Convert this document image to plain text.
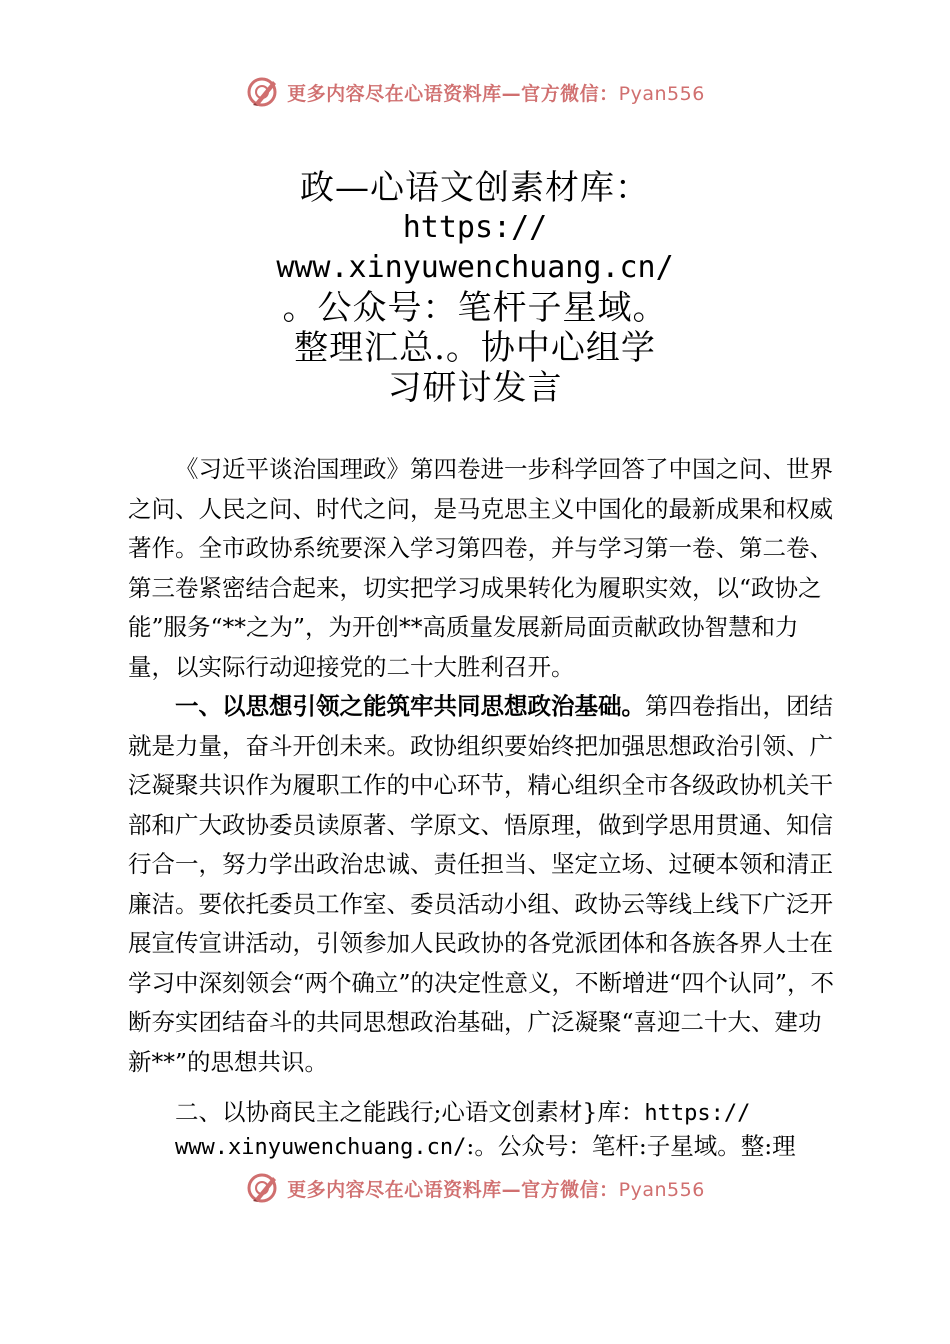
更多内容尽在心语资料库—官方微信：Pyan556
政—心语文创素材库：
https://
www.xinyuwenchuang.cn/
。公众号：笔杆子星域。
整理汇总.。协中心组学
习研讨发言

《习近平谈治国理政》第四卷进一步科学回答了中国之问、世界之问、人民之问、时代之问，是马克思主义中国化的最新成果和权威著作。全市政协系统要深入学习第四卷，并与学习第一卷、第二卷、第三卷紧密结合起来，切实把学习成果转化为履职实效，以“政协之能”服务“**之为”，为开创**高质量发展新局面贡献政协智慧和力量，以实际行动迎接党的二十大胜利召开。

一、以思想引领之能筑牢共同思想政治基础。第四卷指出，团结就是力量，奋斗开创未来。政协组织要始终把加强思想政治引领、广泛凝聚共识作为履职工作的中心环节，精心组织全市各级政协机关干部和广大政协委员读原著、学原文、悟原理，做到学思用贯通、知信行合一，努力学出政治忠诚、责任担当、坚定立场、过硬本领和清正廉洁。要依托委员工作室、委员活动小组、政协云等线上线下广泛开展宣传宣讲活动，引领参加人民政协的各党派团体和各族各界人士在学习中深刻领会“两个确立”的决定性意义，不断增进“四个认同”，不断夯实团结奋斗的共同思想政治基础，广泛凝聚“喜迎二十大、建功新**”的思想共识。

二、以协商民主之能践行;心语文创素材}库：https://
www.xinyuwenchuang.cn/:。公众号：笔杆:子星域。整:理
更多内容尽在心语资料库—官方微信：Pyan556
